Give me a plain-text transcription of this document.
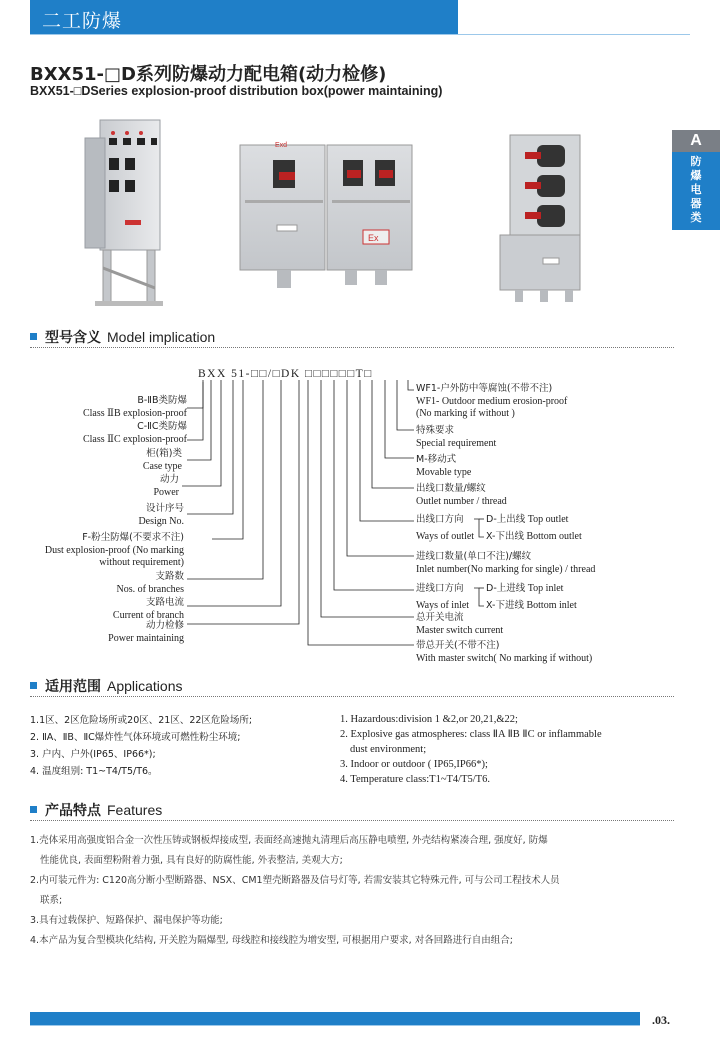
二工防爆
BXX51-□D系列防爆动力配电箱(动力检修)
BXX51-□DSeries explosion-proof distribution box(power maintaining)
A
防
爆
电
器
类
Exd
Ex
型号含义 Model implication
BXX 51-□□/□DK □□□□□□T□
B-ⅡB类防爆
Class ⅡB explosion-proof
C-ⅡC类防爆
Class ⅡC explosion-proof
柜(箱)类
Case type
动力
Power
设计序号
Design No.
F-粉尘防爆(不要求不注)
Dust explosion-proof (No marking
without requirement)
支路数
Nos. of branches
支路电流
Current of branch
动力检修
Power maintaining
WF1-户外防中等腐蚀(不带不注)
WF1- Outdoor medium erosion-proof
(No marking if without )
特殊要求
Special requirement
M-移动式
Movable type
出线口数量/螺纹
Outlet number / thread
出线口方向
Ways of outlet
D-上出线 Top outlet
X-下出线 Bottom outlet
进线口数量(单口不注)/螺纹
Inlet number(No marking for single) / thread
进线口方向
Ways of inlet
D-上进线 Top inlet
X-下进线 Bottom inlet
总开关电流
Master switch current
带总开关(不带不注)
With master switch( No marking if without)
适用范围 Applications
1.1区、2区危险场所或20区、21区、22区危险场所;
2. ⅡA、ⅡB、ⅡC爆炸性气体环境或可燃性粉尘环境;
3. 户内、户外(IP65、IP66*);
4. 温度组别: T1~T4/T5/T6。
1. Hazardous:division 1 &2,or 20,21,&22;
2. Explosive gas atmospheres: class ⅡA ⅡB ⅡC or inflammable
dust environment;
3. Indoor or outdoor ( IP65,IP66*);
4. Temperature class:T1~T4/T5/T6.
产品特点 Features
1.壳体采用高强度铝合金一次性压铸或钢板焊接成型, 表面经高速抛丸清理后高压静电喷塑, 外壳结构紧凑合理, 强度好, 防爆
性能优良, 表面塑粉附着力强, 具有良好的防腐性能, 外表整洁, 美观大方;
2.内可装元件为: C120高分断小型断路器、NSX、CM1塑壳断路器及信号灯等, 若需安装其它特殊元件, 可与公司工程技术人员
联系;
3.具有过载保护、短路保护、漏电保护等功能;
4.本产品为复合型模块化结构, 开关腔为隔爆型, 母线腔和接线腔为增安型, 可根据用户要求, 对各回路进行自由组合;
.03.
